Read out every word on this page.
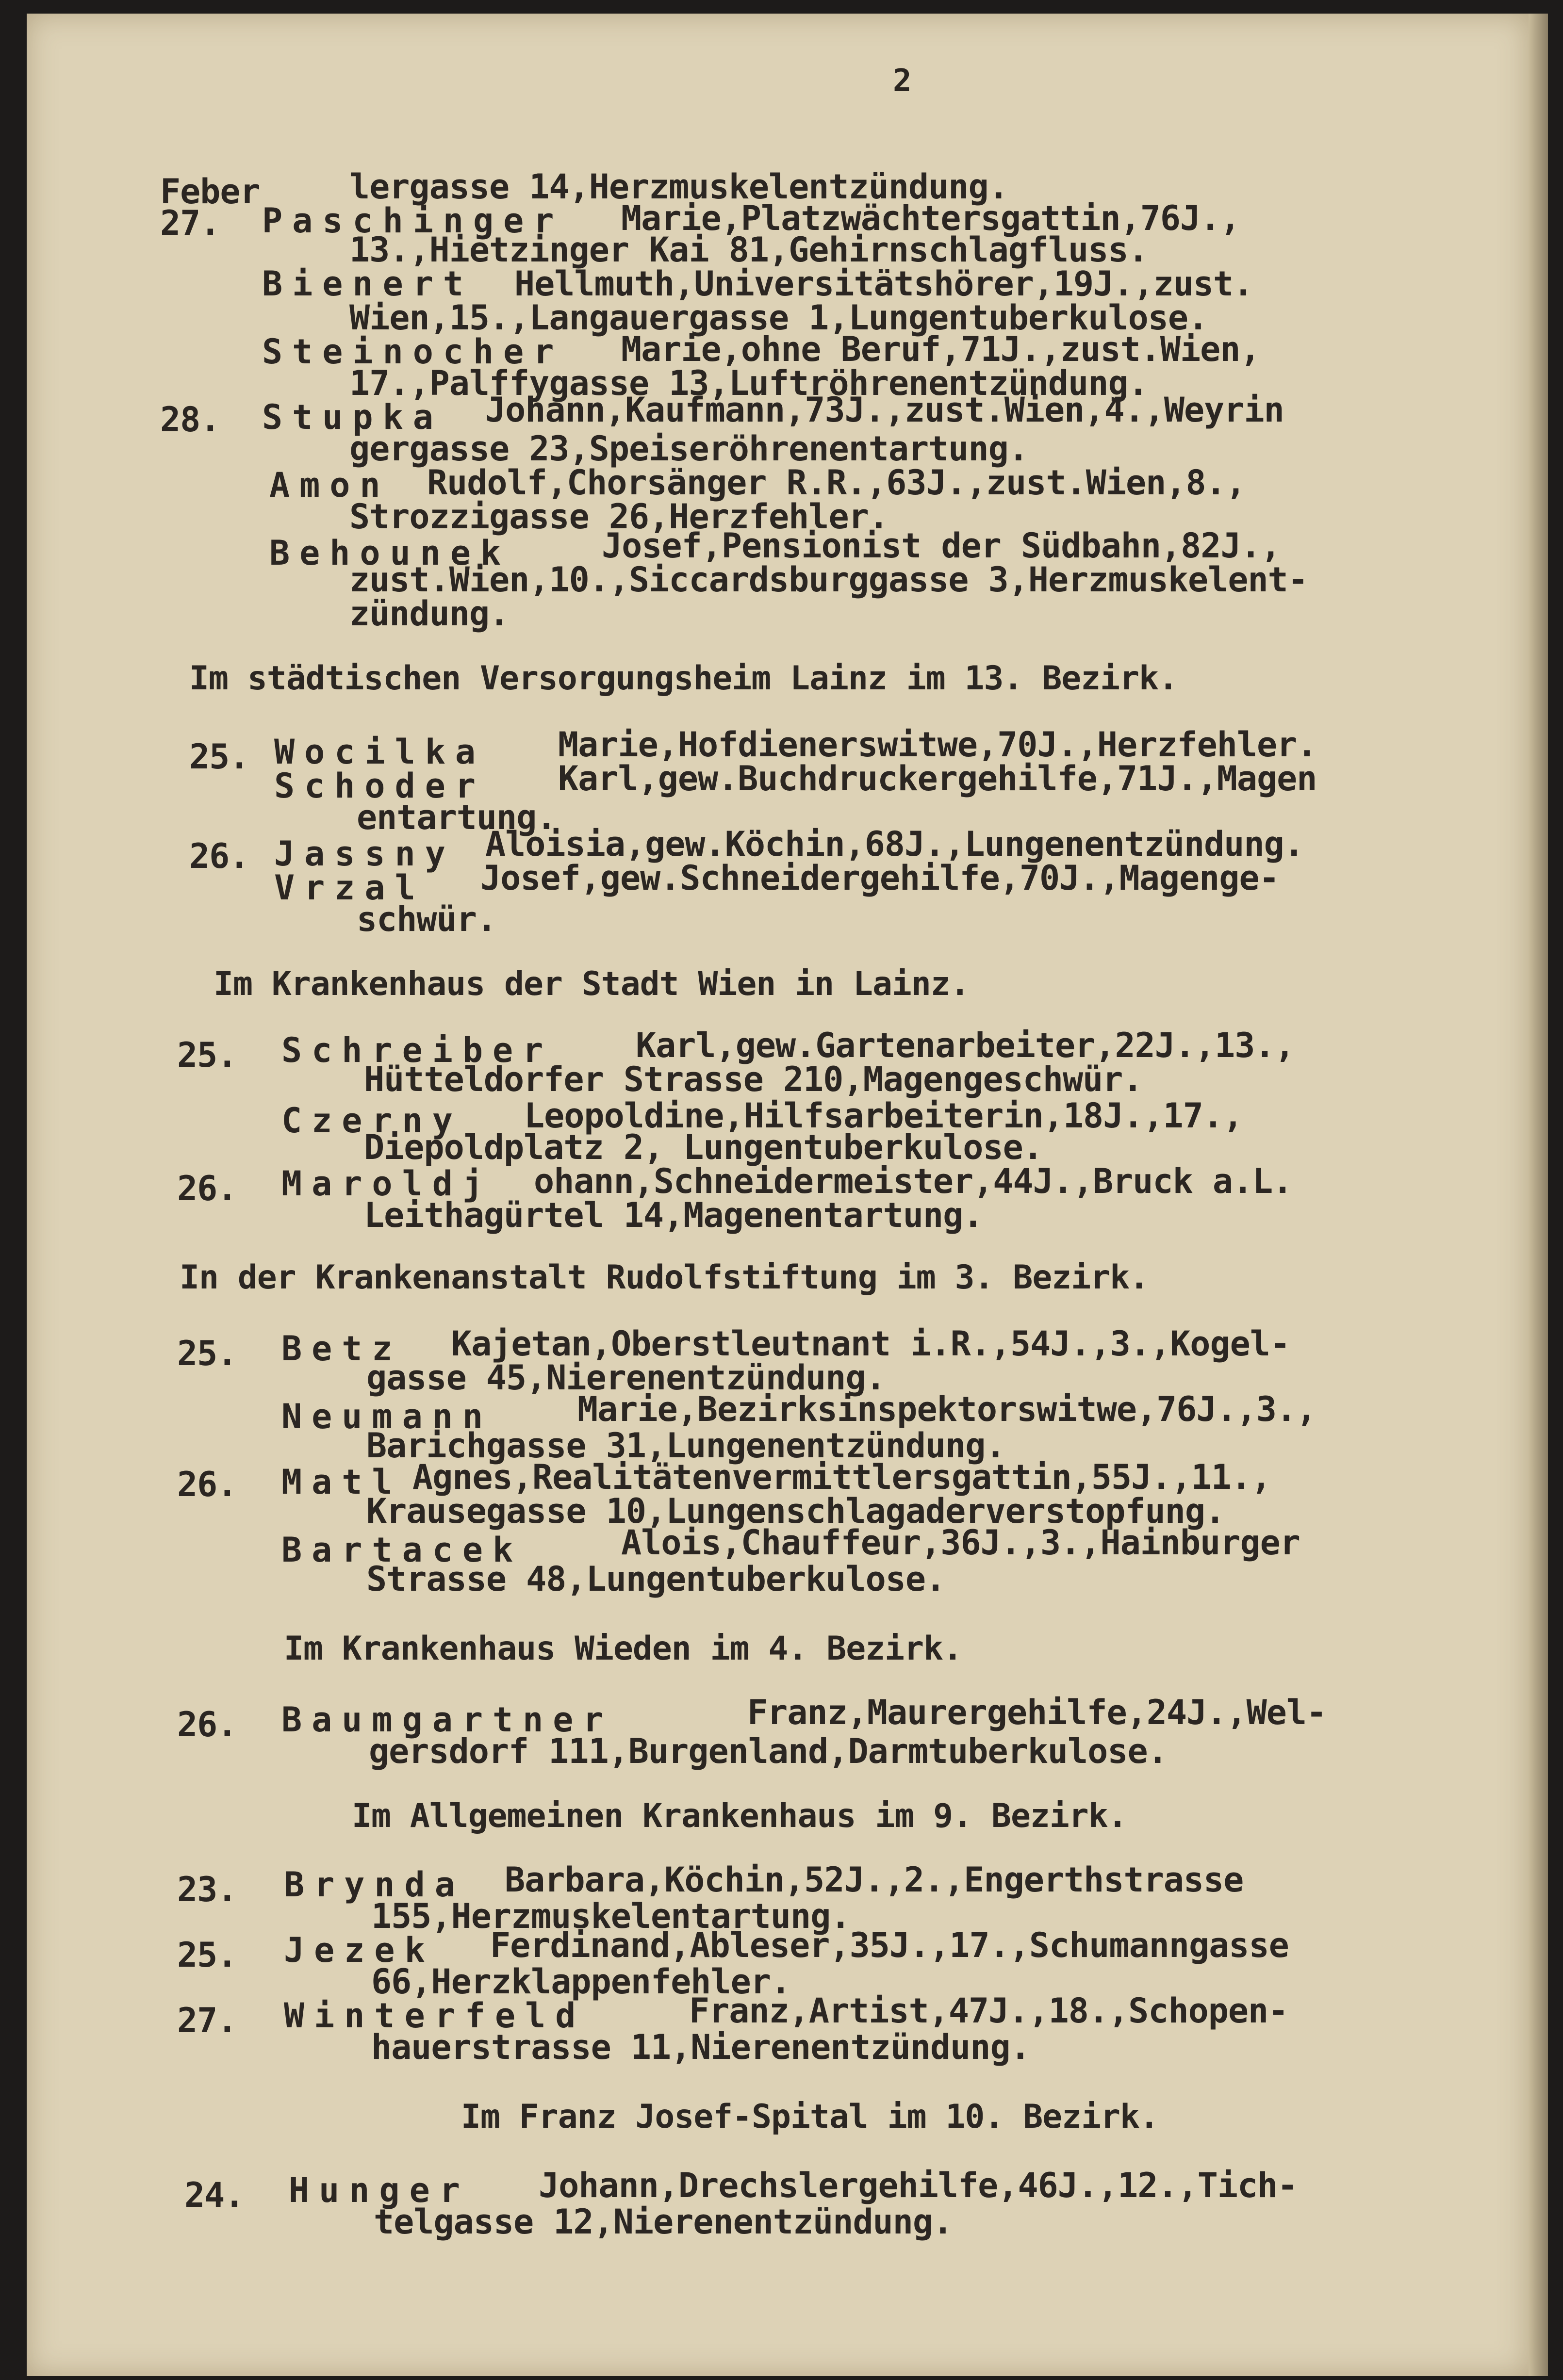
2
Feber	lergasse 14,Herzmuskelentzündung.
27. Paschinger Marie,Platzwächtersgattin,76J.,
13.,Hietzinger Kai 81,Gehirnschlagfluss.
Bienert Hellmuth,Universitätshörer,19J.,zust.
Wien,15.,Langauergasse 1,Lungentuberkulose.
Steinocher Marie,ohne Beruf,71J.,zust.Wien,
17.,Palffygasse 13,Luftröhrenentzündung.
28. Stupka Johann,Kaufmann,73J.,zust.Wien,4.,Weyrin
gergasse 23,Speiseröhrenentartung.
Amon Rudolf,Chorsänger R.R.,63J.,zust.Wien,8.,
Strozzigasse 26,Herzfehler.
Behounek	Josef,Pensionist der Südbahn,82J.,
zust.Wien,10.,Siccardsburggasse 3,Herzmuskelent-
zündung.
Im städtischen Versorgungsheim Lainz im 13. Bezirk.
25. Wocilka Marie,Hofdienerswitwe,70J.,Herzfehler.
Schoder Karl,gew.Buchdruckergehilfe,71J.,Magen
entartung.
26. Jassny Aloisia,gew.Köchin,68J.,Lungenentzündung.
Vrzal Josef,gew.Schneidergehilfe,70J.,Magenge-
schwür.
Im Krankenhaus der Stadt Wien in Lainz.
25. Schreiber Karl,gew.Gartenarbeiter,22J.,13.,
Hütteldorfer Strasse 210,Magengeschwür.
Czerny Leopoldine,Hilfsarbeiterin,18J.,17.,
Diepoldplatz 2, Lungentuberkulose.
26. Maroldj ohann,Schneidermeister,44J.,Bruck a.L.
Leithagürtel 14,Magenentartung.
In der Krankenanstalt Rudolfstiftung im 3. Bezirk.
25. Betz Kajetan,Oberstleutnant i.R.,54J.,3.,Kogel-
gasse 45,Nierenentzündung.
Neumann Marie,Bezirksinspektorswitwe,76J.,3.,
Barichgasse 31,Lungenentzündung.
26. Matl Agnes,Realitätenvermittlersgattin,55J.,11.,
Krausegasse 10,Lungenschlagaderverstopfung.
Bartacek	Alois,Chauffeur,36J.,3.,Hainburger
Strasse 48,Lungentuberkulose.
Im Krankenhaus Wieden im 4. Bezirk.
26. Baumgartner	Franz,Maurergehilfe,24J.,Wel-
gersdorf 111,Burgenland,Darmtuberkulose.
Im Allgemeinen Krankenhaus im 9. Bezirk.
23. Brynda Barbara,Köchin,52J.,2.,Engerthstrasse
155,Herzmuskelentartung.
25. Jezek Ferdinand,Ableser,35J.,17.,Schumanngasse
66,Herzklappenfehler.
27. Winterfeld	Franz,Artist,47J.,18.,Schopen-
hauerstrasse 11,Nierenentzündung.
Im Franz Josef-Spital im 10. Bezirk.
24. Hunger Johann,Drechslergehilfe,46J.,12.,Tich-
telgasse 12,Nierenentzündung.
